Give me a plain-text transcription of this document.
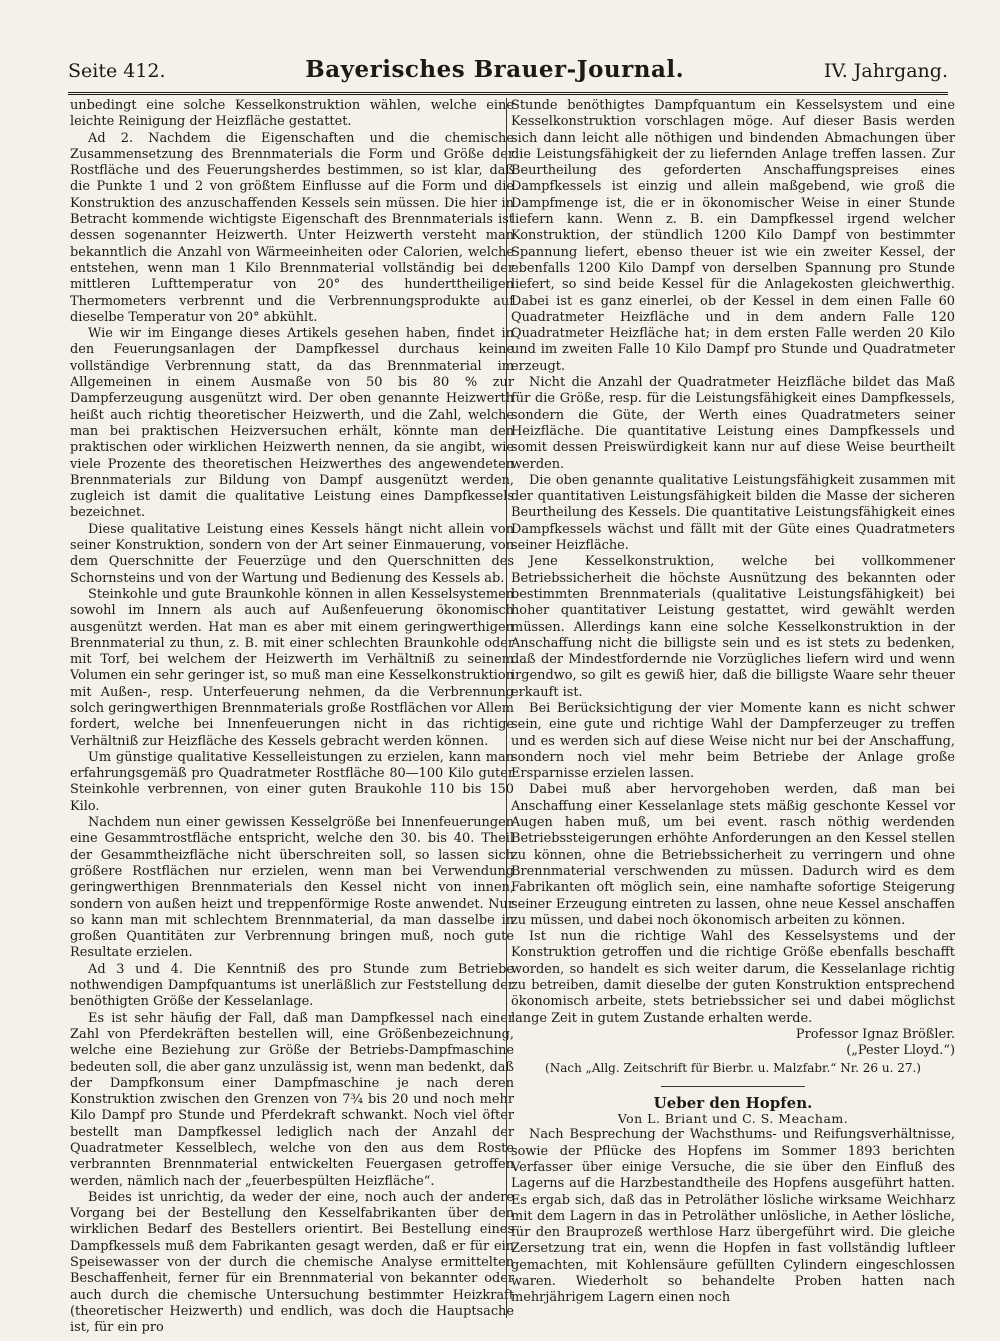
Seite 412.	Bayerisches Brauer-Journal.	IV. Jahrgang.

unbedingt eine solche Kesselkonstruktion wählen, welche eine leichte Reinigung der Heizfläche gestattet.

Ad 2. Nachdem die Eigenschaften und die chemische Zusammensetzung des Brennmaterials die Form und Größe der Rostfläche und des Feuerungsherdes bestimmen, so ist klar, daß die Punkte 1 und 2 von größtem Einflusse auf die Form und die Konstruktion des anzuschaffenden Kessels sein müssen. Die hier in Betracht kommende wichtigste Eigenschaft des Brennmaterials ist dessen sogenannter Heizwerth. Unter Heizwerth versteht man bekanntlich die Anzahl von Wärmeeinheiten oder Calorien, welche entstehen, wenn man 1 Kilo Brennmaterial vollständig bei der mittleren Lufttemperatur von 20° des hunderttheiligen Thermometers verbrennt und die Verbrennungsprodukte auf dieselbe Temperatur von 20° abkühlt.

Wie wir im Eingange dieses Artikels gesehen haben, findet in den Feuerungsanlagen der Dampfkessel durchaus keine vollständige Verbrennung statt, da das Brennmaterial im Allgemeinen in einem Ausmaße von 50 bis 80 % zur Dampferzeugung ausgenützt wird. Der oben genannte Heizwerth heißt auch richtig theoretischer Heizwerth, und die Zahl, welche man bei praktischen Heizversuchen erhält, könnte man den praktischen oder wirklichen Heizwerth nennen, da sie angibt, wie viele Prozente des theoretischen Heizwerthes des angewendeten Brennmaterials zur Bildung von Dampf ausgenützt werden, zugleich ist damit die qualitative Leistung eines Dampfkessels bezeichnet.

Diese qualitative Leistung eines Kessels hängt nicht allein von seiner Konstruktion, sondern von der Art seiner Einmauerung, von dem Querschnitte der Feuerzüge und den Querschnitten des Schornsteins und von der Wartung und Bedienung des Kessels ab.

Steinkohle und gute Braunkohle können in allen Kesselsystemen sowohl im Innern als auch auf Außenfeuerung ökonomisch ausgenützt werden. Hat man es aber mit einem geringwerthigen Brennmaterial zu thun, z. B. mit einer schlechten Braunkohle oder mit Torf, bei welchem der Heizwerth im Verhältniß zu seinem Volumen ein sehr geringer ist, so muß man eine Kesselkonstruktion mit Außen-, resp. Unterfeuerung nehmen, da die Verbrennung solch geringwerthigen Brennmaterials große Rostflächen vor Allem fordert, welche bei Innenfeuerungen nicht in das richtige Verhältniß zur Heizfläche des Kessels gebracht werden können.

Um günstige qualitative Kesselleistungen zu erzielen, kann man erfahrungsgemäß pro Quadratmeter Rostfläche 80—100 Kilo guter Steinkohle verbrennen, von einer guten Braukohle 110 bis 150 Kilo.

Nachdem nun einer gewissen Kesselgröße bei Innenfeuerungen eine Gesammtrostfläche entspricht, welche den 30. bis 40. Theil der Gesammtheizfläche nicht überschreiten soll, so lassen sich größere Rostflächen nur erzielen, wenn man bei Verwendung geringwerthigen Brennmaterials den Kessel nicht von innen, sondern von außen heizt und treppenförmige Roste anwendet. Nur so kann man mit schlechtem Brennmaterial, da man dasselbe in großen Quantitäten zur Verbrennung bringen muß, noch gute Resultate erzielen.

Ad 3 und 4. Die Kenntniß des pro Stunde zum Betriebe nothwendigen Dampfquantums ist unerläßlich zur Feststellung der benöthigten Größe der Kesselanlage.

Es ist sehr häufig der Fall, daß man Dampfkessel nach einer Zahl von Pferdekräften bestellen will, eine Größenbezeichnung, welche eine Beziehung zur Größe der Betriebs-Dampfmaschine bedeuten soll, die aber ganz unzulässig ist, wenn man bedenkt, daß der Dampfkonsum einer Dampfmaschine je nach deren Konstruktion zwischen den Grenzen von 7¾ bis 20 und noch mehr Kilo Dampf pro Stunde und Pferdekraft schwankt. Noch viel öfter bestellt man Dampfkessel lediglich nach der Anzahl der Quadratmeter Kesselblech, welche von den aus dem Roste verbrannten Brennmaterial entwickelten Feuergasen getroffen werden, nämlich nach der „feuerbespülten Heizfläche“.

Beides ist unrichtig, da weder der eine, noch auch der andere Vorgang bei der Bestellung den Kesselfabrikanten über den wirklichen Bedarf des Bestellers orientirt. Bei Bestellung eines Dampfkessels muß dem Fabrikanten gesagt werden, daß er für ein Speisewasser von der durch die chemische Analyse ermittelten Beschaffenheit, ferner für ein Brennmaterial von bekannter oder auch durch die chemische Untersuchung bestimmter Heizkraft (theoretischer Heizwerth) und endlich, was doch die Hauptsache ist, für ein pro

Stunde benöthigtes Dampfquantum ein Kesselsystem und eine Kesselkonstruktion vorschlagen möge. Auf dieser Basis werden sich dann leicht alle nöthigen und bindenden Abmachungen über die Leistungsfähigkeit der zu liefernden Anlage treffen lassen. Zur Beurtheilung des geforderten Anschaffungspreises eines Dampfkessels ist einzig und allein maßgebend, wie groß die Dampfmenge ist, die er in ökonomischer Weise in einer Stunde liefern kann. Wenn z. B. ein Dampfkessel irgend welcher Konstruktion, der stündlich 1200 Kilo Dampf von bestimmter Spannung liefert, ebenso theuer ist wie ein zweiter Kessel, der ebenfalls 1200 Kilo Dampf von derselben Spannung pro Stunde liefert, so sind beide Kessel für die Anlagekosten gleichwerthig. Dabei ist es ganz einerlei, ob der Kessel in dem einen Falle 60 Quadratmeter Heizfläche und in dem andern Falle 120 Quadratmeter Heizfläche hat; in dem ersten Falle werden 20 Kilo und im zweiten Falle 10 Kilo Dampf pro Stunde und Quadratmeter erzeugt.

Nicht die Anzahl der Quadratmeter Heizfläche bildet das Maß für die Größe, resp. für die Leistungsfähigkeit eines Dampfkessels, sondern die Güte, der Werth eines Quadratmeters seiner Heizfläche. Die quantitative Leistung eines Dampfkessels und somit dessen Preiswürdigkeit kann nur auf diese Weise beurtheilt werden.

Die oben genannte qualitative Leistungsfähigkeit zusammen mit der quantitativen Leistungsfähigkeit bilden die Masse der sicheren Beurtheilung des Kessels. Die quantitative Leistungsfähigkeit eines Dampfkessels wächst und fällt mit der Güte eines Quadratmeters seiner Heizfläche.

Jene Kesselkonstruktion, welche bei vollkommener Betriebssicherheit die höchste Ausnützung des bekannten oder bestimmten Brennmaterials (qualitative Leistungsfähigkeit) bei hoher quantitativer Leistung gestattet, wird gewählt werden müssen. Allerdings kann eine solche Kesselkonstruktion in der Anschaffung nicht die billigste sein und es ist stets zu bedenken, daß der Mindestfordernde nie Vorzügliches liefern wird und wenn irgendwo, so gilt es gewiß hier, daß die billigste Waare sehr theuer erkauft ist.

Bei Berücksichtigung der vier Momente kann es nicht schwer sein, eine gute und richtige Wahl der Dampferzeuger zu treffen und es werden sich auf diese Weise nicht nur bei der Anschaffung, sondern noch viel mehr beim Betriebe der Anlage große Ersparnisse erzielen lassen.

Dabei muß aber hervorgehoben werden, daß man bei Anschaffung einer Kesselanlage stets mäßig geschonte Kessel vor Augen haben muß, um bei event. rasch nöthig werdenden Betriebssteigerungen erhöhte Anforderungen an den Kessel stellen zu können, ohne die Betriebssicherheit zu verringern und ohne Brennmaterial verschwenden zu müssen. Dadurch wird es dem Fabrikanten oft möglich sein, eine namhafte sofortige Steigerung seiner Erzeugung eintreten zu lassen, ohne neue Kessel anschaffen zu müssen, und dabei noch ökonomisch arbeiten zu können.

Ist nun die richtige Wahl des Kesselsystems und der Konstruktion getroffen und die richtige Größe ebenfalls beschafft worden, so handelt es sich weiter darum, die Kesselanlage richtig zu betreiben, damit dieselbe der guten Konstruktion entsprechend ökonomisch arbeite, stets betriebssicher sei und dabei möglichst lange Zeit in gutem Zustande erhalten werde.

Professor Ignaz Brößler.

(„Pester Lloyd.“)

(Nach „Allg. Zeitschrift für Bierbr. u. Malzfabr.“ Nr. 26 u. 27.)

Ueber den Hopfen.

Von L. Briant und C. S. Meacham.

Nach Besprechung der Wachsthums- und Reifungsverhältnisse, sowie der Pflücke des Hopfens im Sommer 1893 berichten Verfasser über einige Versuche, die sie über den Einfluß des Lagerns auf die Harzbestandtheile des Hopfens ausgeführt hatten. Es ergab sich, daß das in Petroläther lösliche wirksame Weichharz mit dem Lagern in das in Petroläther unlösliche, in Aether lösliche, für den Brauprozeß werthlose Harz übergeführt wird. Die gleiche Zersetzung trat ein, wenn die Hopfen in fast vollständig luftleer gemachten, mit Kohlensäure gefüllten Cylindern eingeschlossen waren. Wiederholt so behandelte Proben hatten nach mehrjährigem Lagern einen noch
